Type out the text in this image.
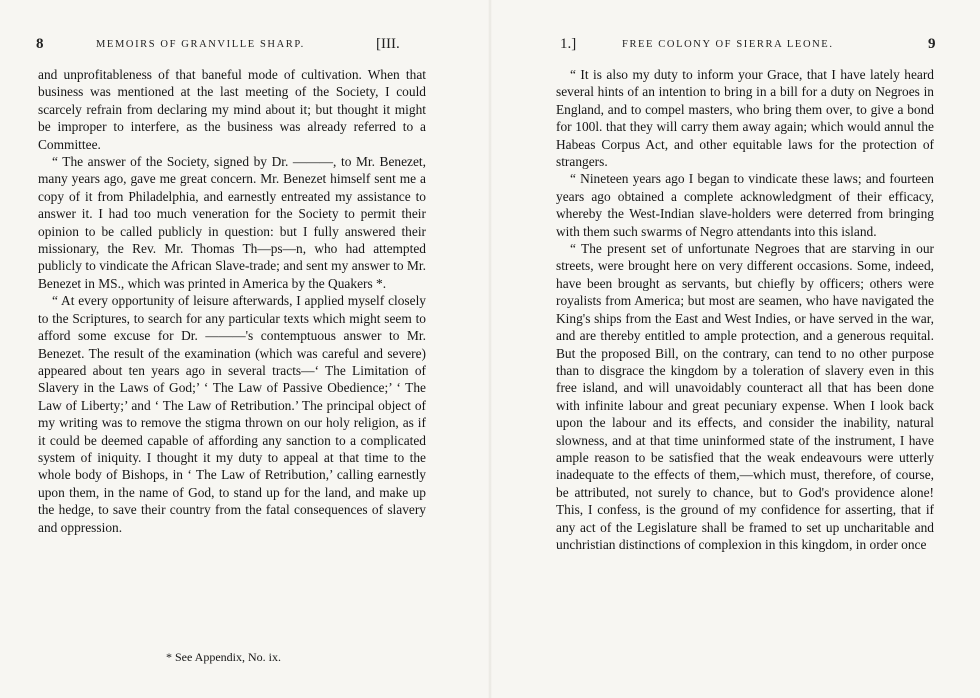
8	MEMOIRS OF GRANVILLE SHARP.	[III.

and unprofitableness of that baneful mode of cultivation. When that business was mentioned at the last meeting of the Society, I could scarcely refrain from declaring my mind about it; but thought it might be improper to interfere, as the business was already referred to a Committee.

“ The answer of the Society, signed by Dr. ———, to Mr. Benezet, many years ago, gave me great concern. Mr. Benezet himself sent me a copy of it from Philadelphia, and earnestly entreated my assistance to answer it. I had too much veneration for the Society to permit their opinion to be called publicly in question: but I fully answered their missionary, the Rev. Mr. Thomas Th—ps—n, who had attempted publicly to vindicate the African Slave-trade; and sent my answer to Mr. Benezet in MS., which was printed in America by the Quakers *.

“ At every opportunity of leisure afterwards, I applied myself closely to the Scriptures, to search for any particular texts which might seem to afford some excuse for Dr. ———'s contemptuous answer to Mr. Benezet. The result of the examination (which was careful and severe) appeared about ten years ago in several tracts—‘ The Limitation of Slavery in the Laws of God;’ ‘ The Law of Passive Obedience;’ ‘ The Law of Liberty;’ and ‘ The Law of Retribution.’ The principal object of my writing was to remove the stigma thrown on our holy religion, as if it could be deemed capable of affording any sanction to a complicated system of iniquity. I thought it my duty to appeal at that time to the whole body of Bishops, in ‘ The Law of Retribution,’ calling earnestly upon them, in the name of God, to stand up for the land, and make up the hedge, to save their country from the fatal consequences of slavery and oppression.

* See Appendix, No. ix.
1.]	FREE COLONY OF SIERRA LEONE.	9

“ It is also my duty to inform your Grace, that I have lately heard several hints of an intention to bring in a bill for a duty on Negroes in England, and to compel masters, who bring them over, to give a bond for 100l. that they will carry them away again; which would annul the Habeas Corpus Act, and other equitable laws for the protection of strangers.

“ Nineteen years ago I began to vindicate these laws; and fourteen years ago obtained a complete acknowledgment of their efficacy, whereby the West-Indian slave-holders were deterred from bringing with them such swarms of Negro attendants into this island.

“ The present set of unfortunate Negroes that are starving in our streets, were brought here on very different occasions. Some, indeed, have been brought as servants, but chiefly by officers; others were royalists from America; but most are seamen, who have navigated the King's ships from the East and West Indies, or have served in the war, and are thereby entitled to ample protection, and a generous requital. But the proposed Bill, on the contrary, can tend to no other purpose than to disgrace the kingdom by a toleration of slavery even in this free island, and will unavoidably counteract all that has been done with infinite labour and great pecuniary expense. When I look back upon the labour and its effects, and consider the inability, natural slowness, and at that time uninformed state of the instrument, I have ample reason to be satisfied that the weak endeavours were utterly inadequate to the effects of them,—which must, therefore, of course, be attributed, not surely to chance, but to God's providence alone! This, I confess, is the ground of my confidence for asserting, that if any act of the Legislature shall be framed to set up uncharitable and unchristian distinctions of complexion in this kingdom, in order once
